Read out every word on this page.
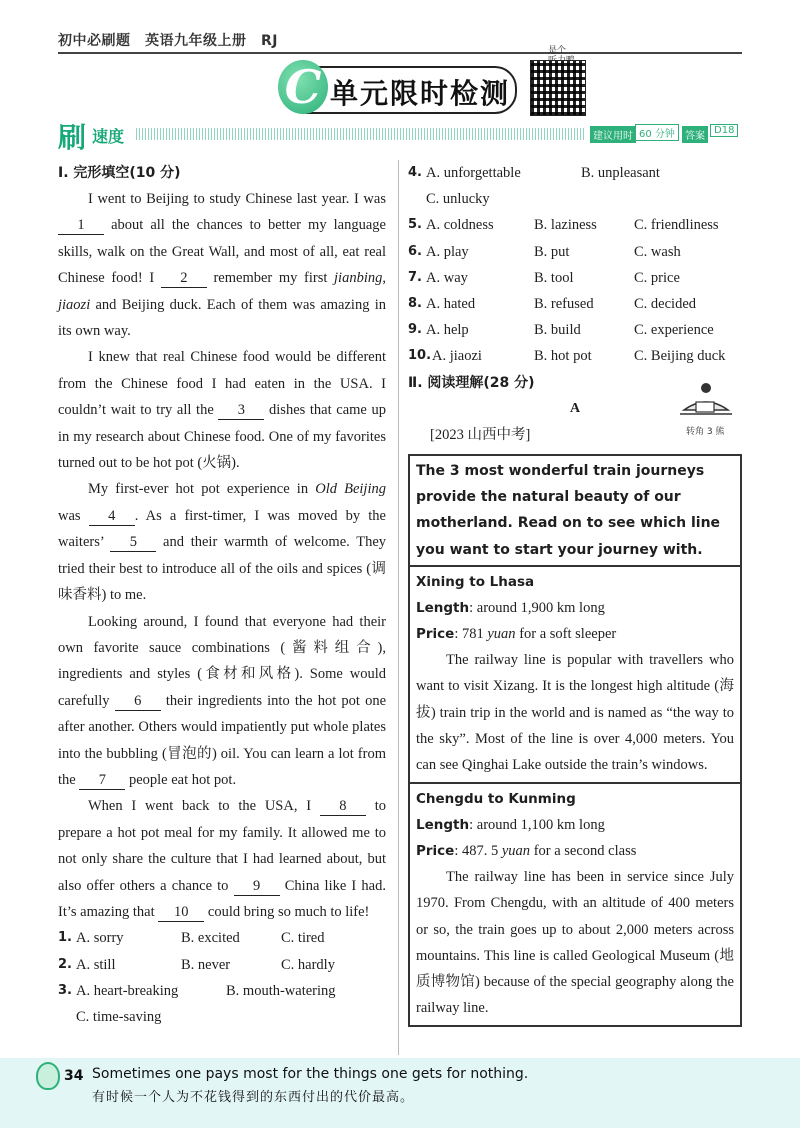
初中必刷题　英语九年级上册　RJ
C 单元限时检测
是个
刷 速度	建议用时 60 分钟	答案
D18

Ⅰ. 完形填空(10 分)

I went to Beijing to study Chinese last year. I was 1 about all the chances to better my language skills, walk on the Great Wall, and most of all, eat real Chinese food! I 2 remember my first jianbing, jiaozi and Beijing duck. Each of them was amazing in its own way.

I knew that real Chinese food would be different from the Chinese food I had eaten in the USA. I couldn’t wait to try all the 3 dishes that came up in my research about Chinese food. One of my favorites turned out to be hot pot (火锅).

My first-ever hot pot experience in Old Beijing was 4 . As a first-timer, I was moved by the waiters’ 5 and their warmth of welcome. They tried their best to introduce all of the oils and spices (调味香料) to me.

Looking around, I found that everyone had their own favorite sauce combinations (酱料组合), ingredients and styles (食材和风格). Some would carefully 6 their ingredients into the hot pot one after another. Others would impatiently put whole plates into the bubbling (冒泡的) oil. You can learn a lot from the 7 people eat hot pot.

When I went back to the USA, I 8 to prepare a hot pot meal for my family. It allowed me to not only share the culture that I had learned about, but also offer others a chance to 9 China like I had. It’s amazing that 10 could bring so much to life!

1. A. sorry	B. excited	C. tired
2. A. still	B. never	C. hardly
3. A. heart-breaking	B. mouth-watering
C. time-saving
4. A. unforgettable	B. unpleasant
C. unlucky
5. A. coldness	B. laziness	C. friendliness
6. A. play	B. put	C. wash
7. A. way	B. tool	C. price
8. A. hated	B. refused	C. decided
9. A. help	B. build	C. experience
10. A. jiaozi	B. hot pot	C. Beijing duck

Ⅱ. 阅读理解(28 分)

A
[2023 山西中考]
The 3 most wonderful train journeys provide the natural beauty of our motherland. Read on to see which line you want to start your journey with.
Xining to Lhasa
Length: around 1,900 km long
Price: 781 yuan for a soft sleeper

The railway line is popular with travellers who want to visit Xizang. It is the longest high altitude (海拔) train trip in the world and is named as “the way to the sky”. Most of the line is over 4,000 meters. You can see Qinghai Lake outside the train’s windows.

Chengdu to Kunming
Length: around 1,100 km long
Price: 487. 5 yuan for a second class

The railway line has been in service since July 1970. From Chengdu, with an altitude of 400 meters or so, the train goes up to about 2,000 meters across mountains. This line is called Geological Museum (地质博物馆) because of the special geography along the railway line.

转角 3 熊
34 Sometimes one pays most for the things one gets for nothing.
有时候一个人为不花钱得到的东西付出的代价最高。
